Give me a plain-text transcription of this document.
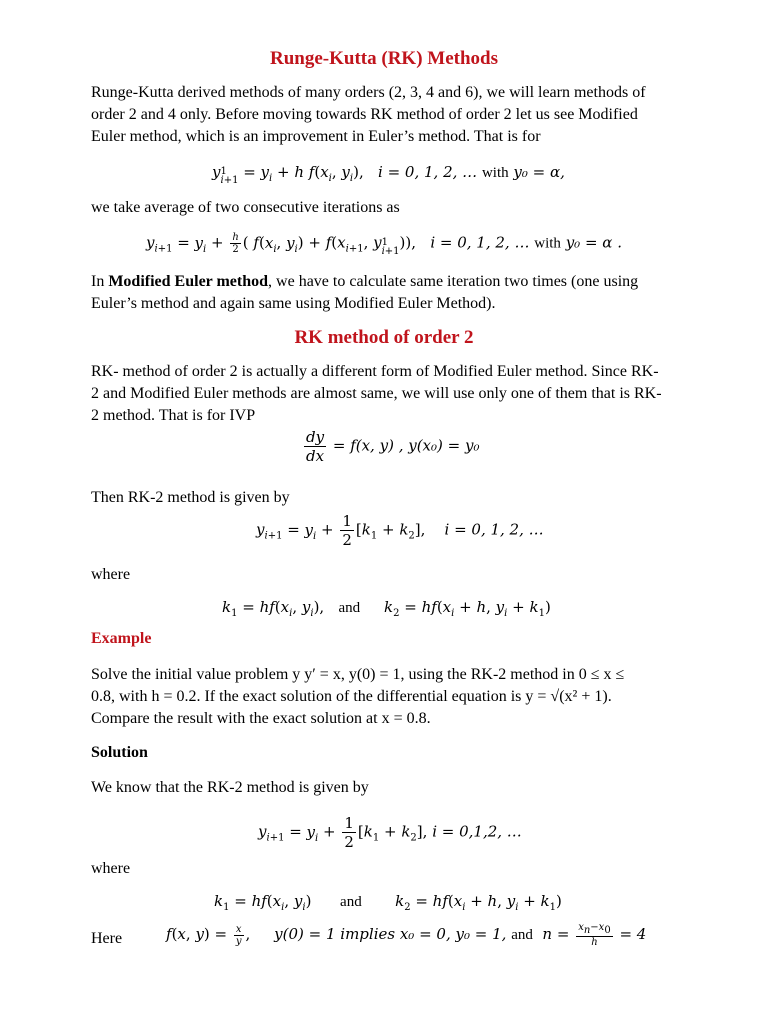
Runge-Kutta (RK) Methods
Runge-Kutta derived methods of many orders (2, 3, 4 and 6), we will learn methods of
order 2 and 4 only. Before moving towards RK method of order 2 let us see Modified
Euler method, which is an improvement in Euler’s method. That is for
y 1
$i+1 = y_i + h$ $f(x_i$, $y_i$),   i = 0, 1, 2, … with y₀ = α,
we take average of two consecutive iterations as
$y_{i+1} = y_i + \frac{h}{2}$ ( $f(x_i$, $y_i) + f(x_{i+1}$, y 1
i+1 )),   i = 0, 1, 2, … with y₀ = α .
In Modified Euler method, we have to calculate same iteration two times (one using
Euler’s method and again same using Modified Euler Method).
RK method of order 2
RK- method of order 2 is actually a different form of Modified Euler method. Since RK-
2 and Modified Euler methods are almost same, we will use only one of them that is RK-
2 method. That is for IVP
$\frac{dy}{dx} = f(x$, y) , y(x₀) = y₀
Then RK-2 method is given by
$y_{i+1} = y_i + \frac{1}{2} [k_1 + k_2]$,    i = 0, 1, 2, …
where
$k_1 = hf(x_i$, $y_i$),   and $k_2 = hf(x_i + h$, $y_i + k_1$)
Example
Solve the initial value problem y y′ = x, y(0) = 1, using the RK-2 method in 0 ≤ x ≤
0.8, with h = 0.2. If the exact solution of the differential equation is y = √(x² + 1).
Compare the result with the exact solution at x = 0.8.
Solution
We know that the RK-2 method is given by
$y_{i+1} = y_i + \frac{1}{2} [k_1 + k_2]$, i = 0,1,2, …
where
$k_1 = hf(x_i$, $y_i$)      and $k_2 = hf(x_i + h$, $y_i + k_1$)
Here	f(x, $y) = \frac{x}{y}$ ,     y(0) = 1 implies x₀ = 0, y₀ = 1, and $n = \frac{x_n-x_0}{h} = 4$
